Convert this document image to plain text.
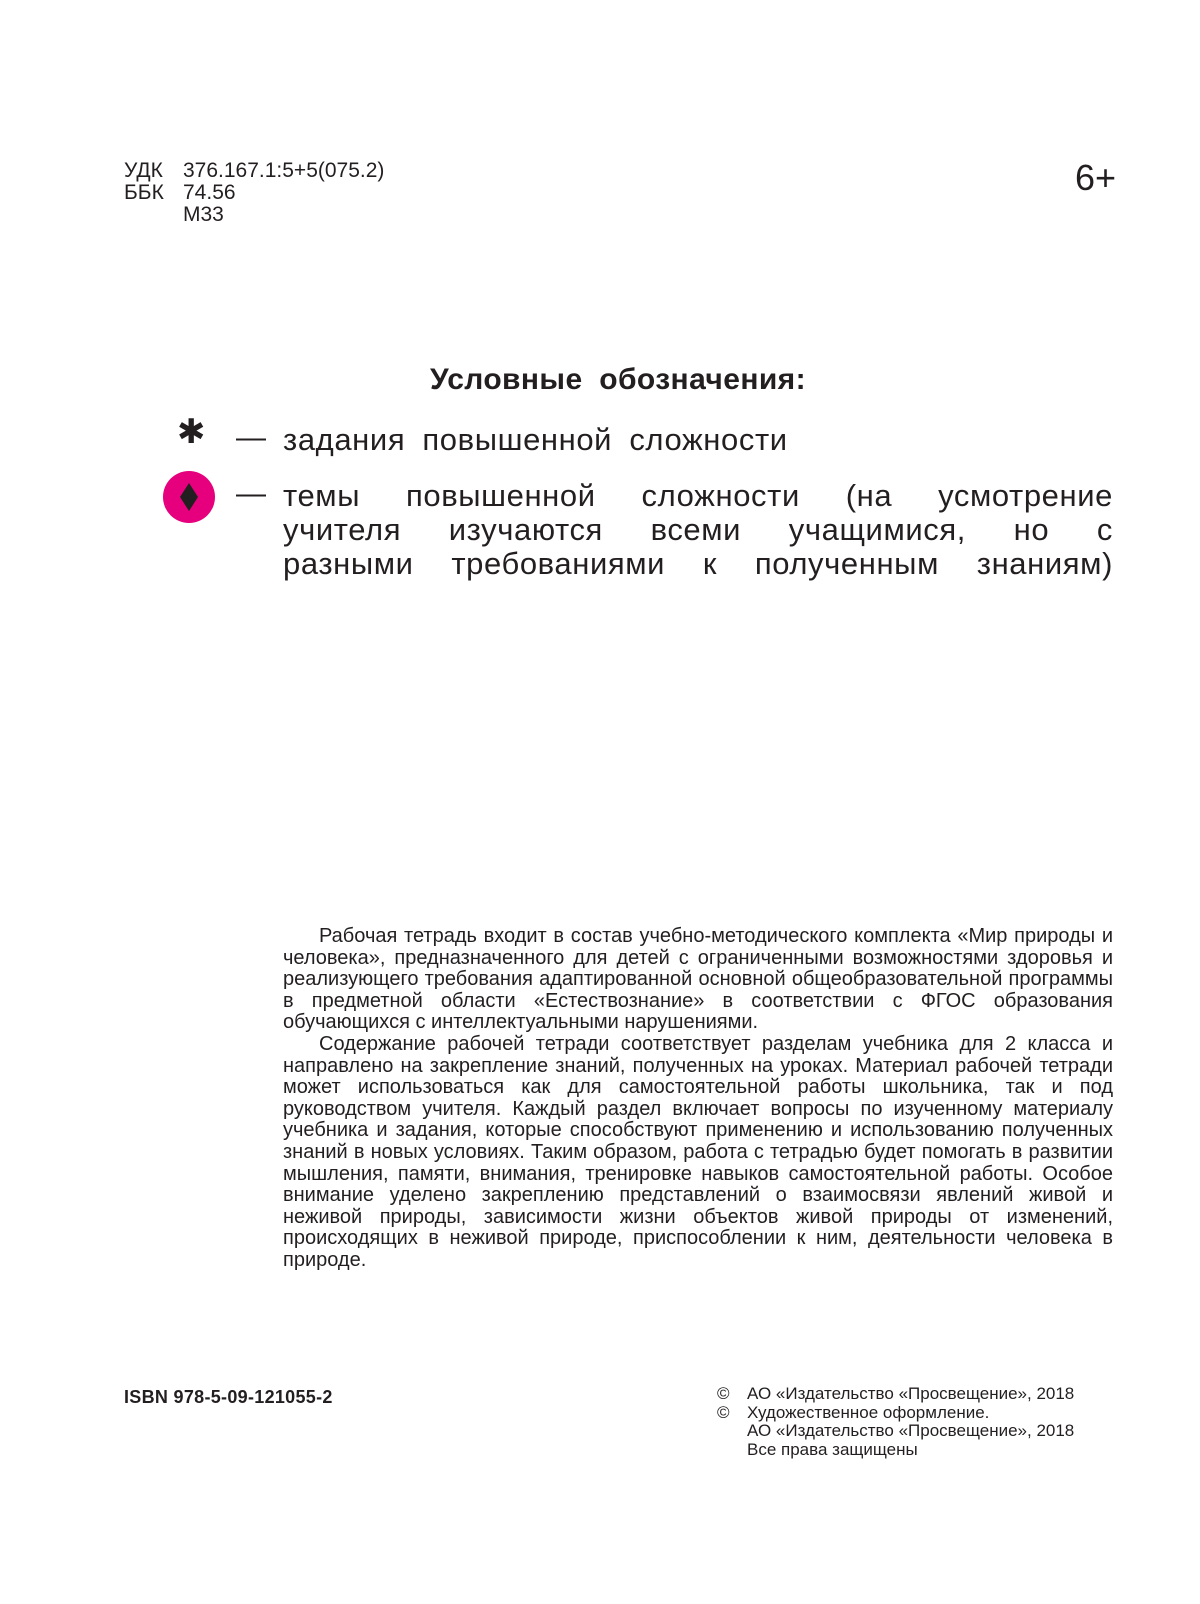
УДК 376.167.1:5+5(075.2)
ББК 74.56
М33
6+
Условные обозначения:
✱ — задания повышенной сложности
— темы повышенной сложности (на усмотрение
учителя изучаются всеми учащимися, но с
разными требованиями к полученным знаниям)

Рабочая тетрадь входит в состав учебно-методического комплекта «Мир природы и человека», предназначенного для детей с ограниченными возможностями здоровья и реализующего требования адаптированной основной общеобразовательной программы в предметной области «Естествознание» в соответствии с ФГОС образования обучающихся с интеллектуальными нарушениями.

Содержание рабочей тетради соответствует разделам учебника для 2 класса и направлено на закрепление знаний, полученных на уроках. Материал рабочей тетради может использоваться как для самостоятельной работы школьника, так и под руководством учителя. Каждый раздел включает вопросы по изученному материалу учебника и задания, которые способствуют применению и использованию полученных знаний в новых условиях. Таким образом, работа с тетрадью будет помогать в развитии мышления, памяти, внимания, тренировке навыков самостоятельной работы. Особое внимание уделено закреплению представлений о взаимосвязи явлений живой и неживой природы, зависимости жизни объектов живой природы от изменений, происходящих в неживой природе, приспособлении к ним, деятельности человека в природе.

ISBN 978-5-09-121055-2	©	АО «Издательство «Просвещение», 2018
©	Художественное оформление.
АО «Издательство «Просвещение», 2018
Все права защищены
